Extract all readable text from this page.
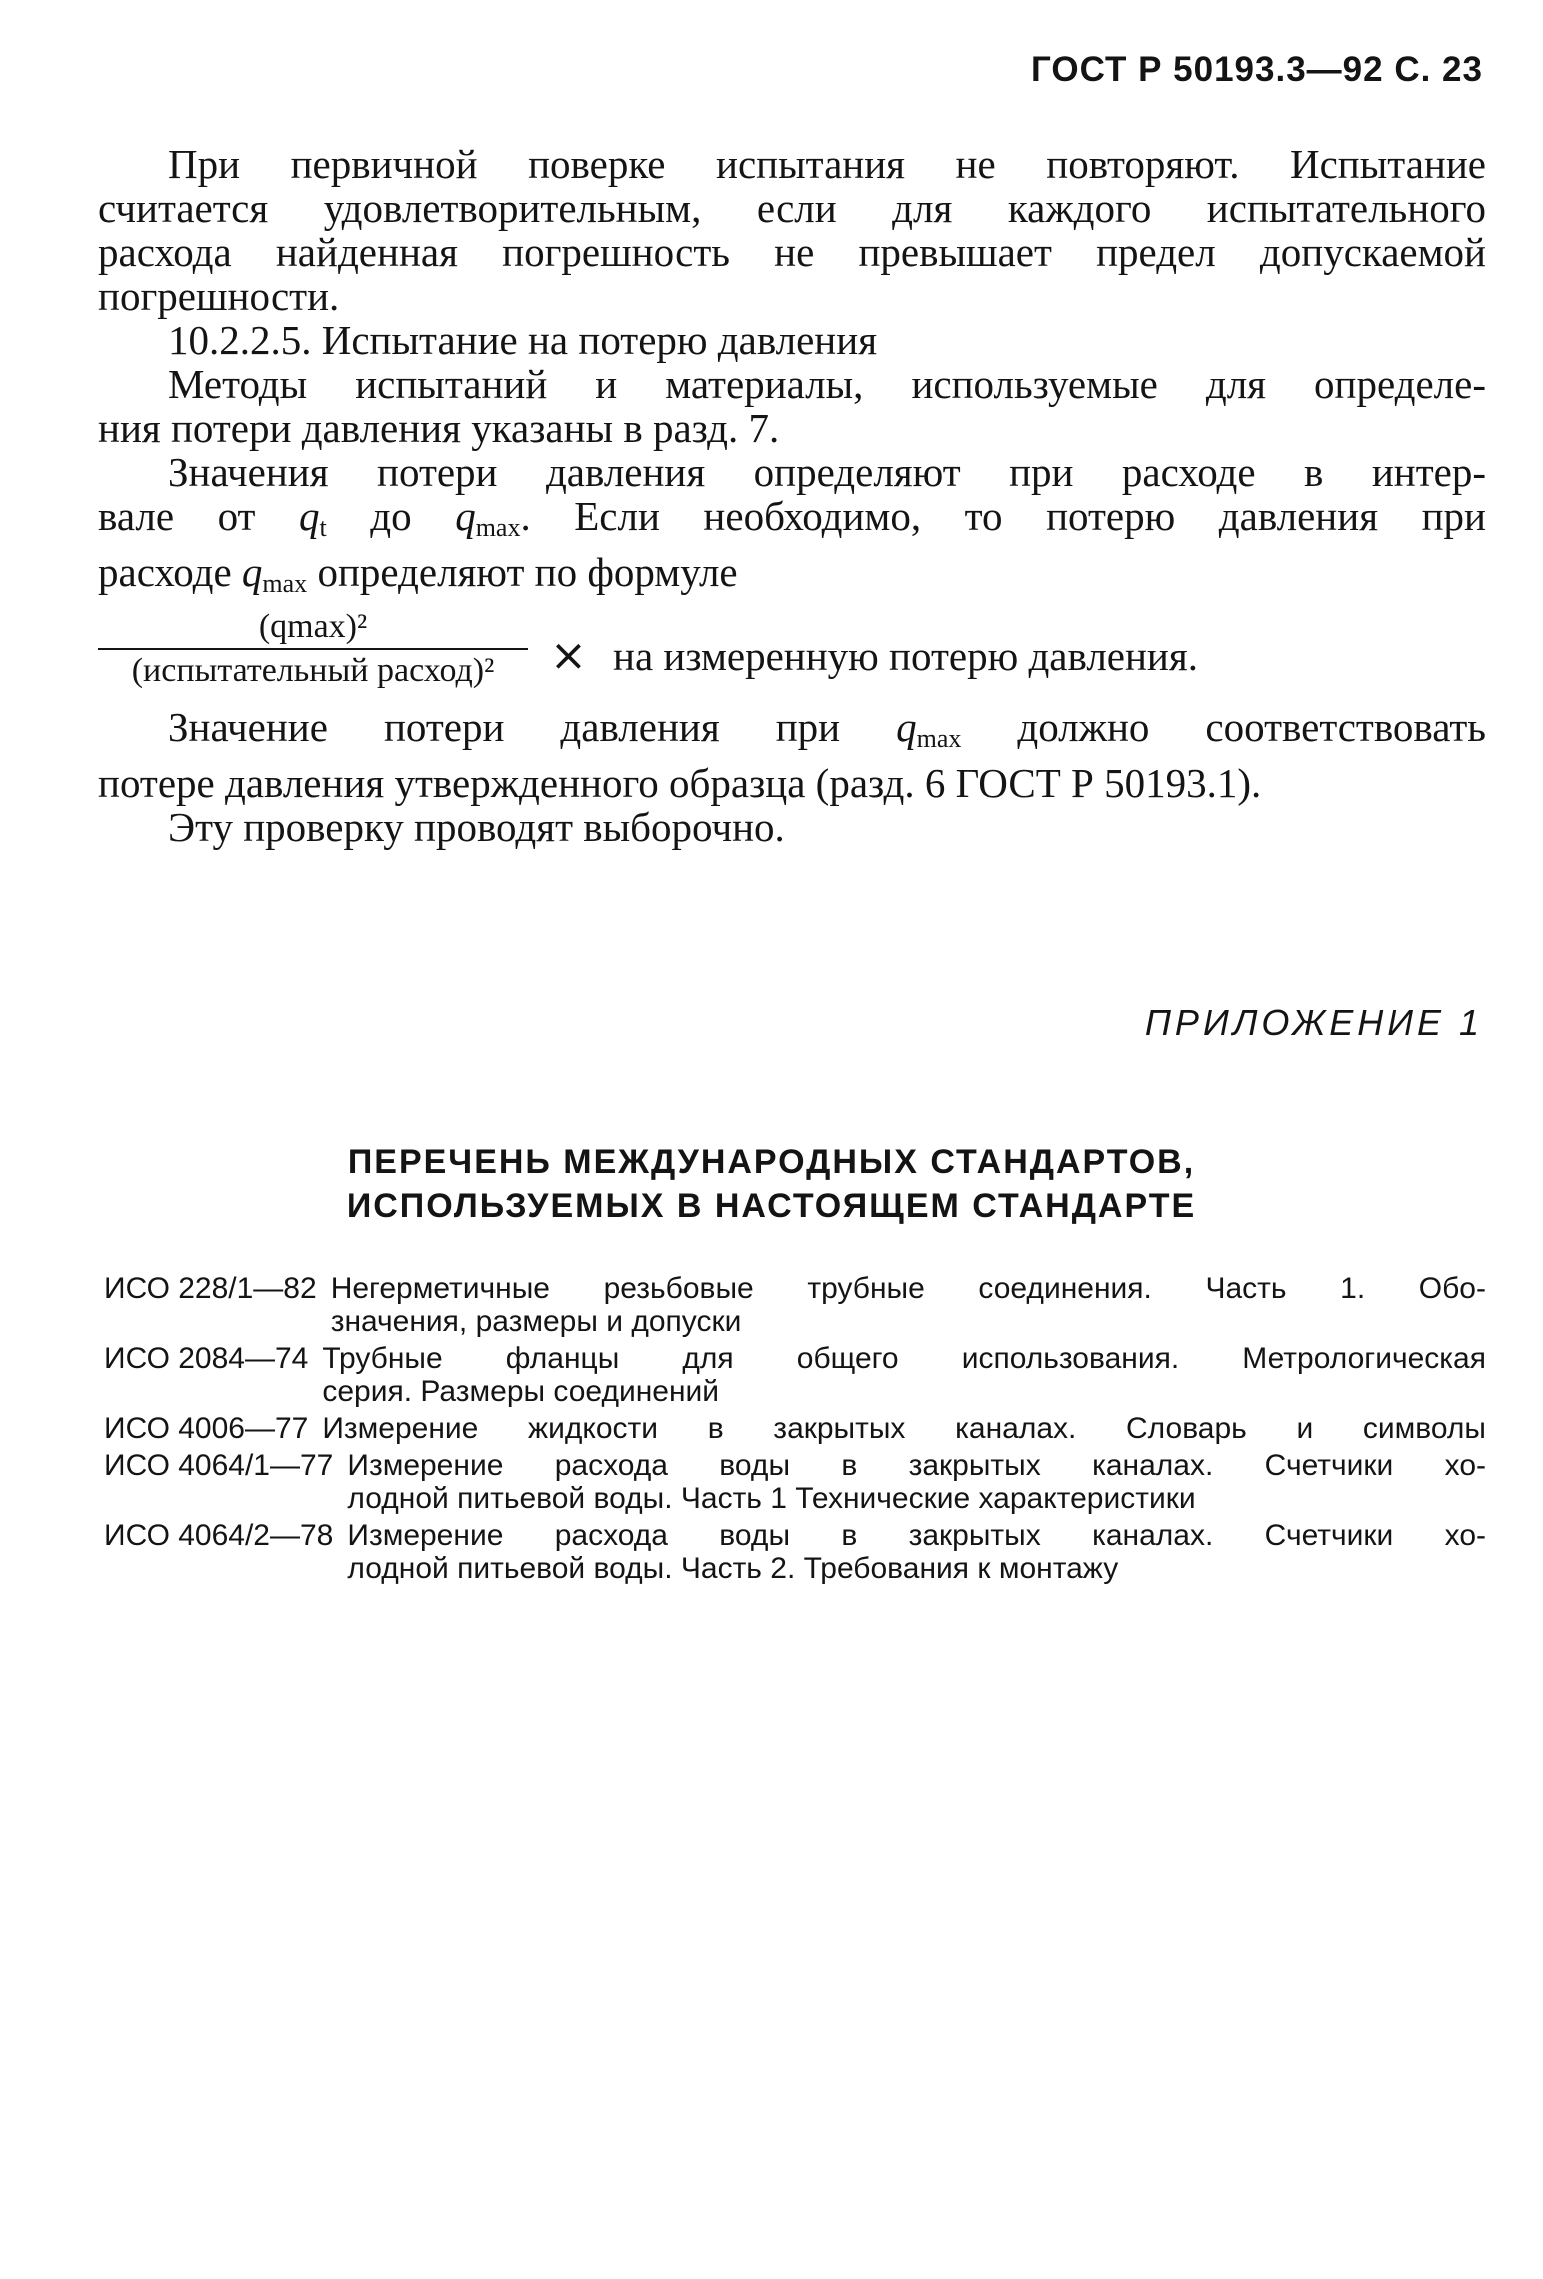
ГОСТ Р 50193.3—92 С. 23
При первичной поверке испытания не повторяют. Испытание
считается удовлетворительным, если для каждого испытательного
расхода найденная погрешность не превышает предел допускаемой
погрешности.
10.2.2.5. Испытание на потерю давления
Методы испытаний и материалы, используемые для определе-
ния потери давления указаны в разд. 7.
Значения потери давления определяют при расходе в интер-
вале от $q_t$ до $q_{max}$. Если необходимо, то потерю давления при
расходе $q_{max}$ определяют по формуле
(qmax)²
(испытательный расход)²	× на измеренную потерю давления.
Значение потери давления при $q_{max}$ должно соответствовать
потере давления утвержденного образца (разд. 6 ГОСТ Р 50193.1).
Эту проверку проводят выборочно.
ПРИЛОЖЕНИЕ 1
ПЕРЕЧЕНЬ МЕЖДУНАРОДНЫХ СТАНДАРТОВ,
ИСПОЛЬЗУЕМЫХ В НАСТОЯЩЕМ СТАНДАРТЕ
ИСО 228/1—82 Негерметичные резьбовые трубные соединения. Часть 1. Обо-
значения, размеры и допуски
ИСО 2084—74 Трубные фланцы для общего использования. Метрологическая
серия. Размеры соединений
ИСО 4006—77 Измерение жидкости в закрытых каналах. Словарь и символы
ИСО 4064/1—77 Измерение расхода воды в закрытых каналах. Счетчики хо-
лодной питьевой воды. Часть 1 Технические характеристики
ИСО 4064/2—78 Измерение расхода воды в закрытых каналах. Счетчики хо-
лодной питьевой воды. Часть 2. Требования к монтажу
